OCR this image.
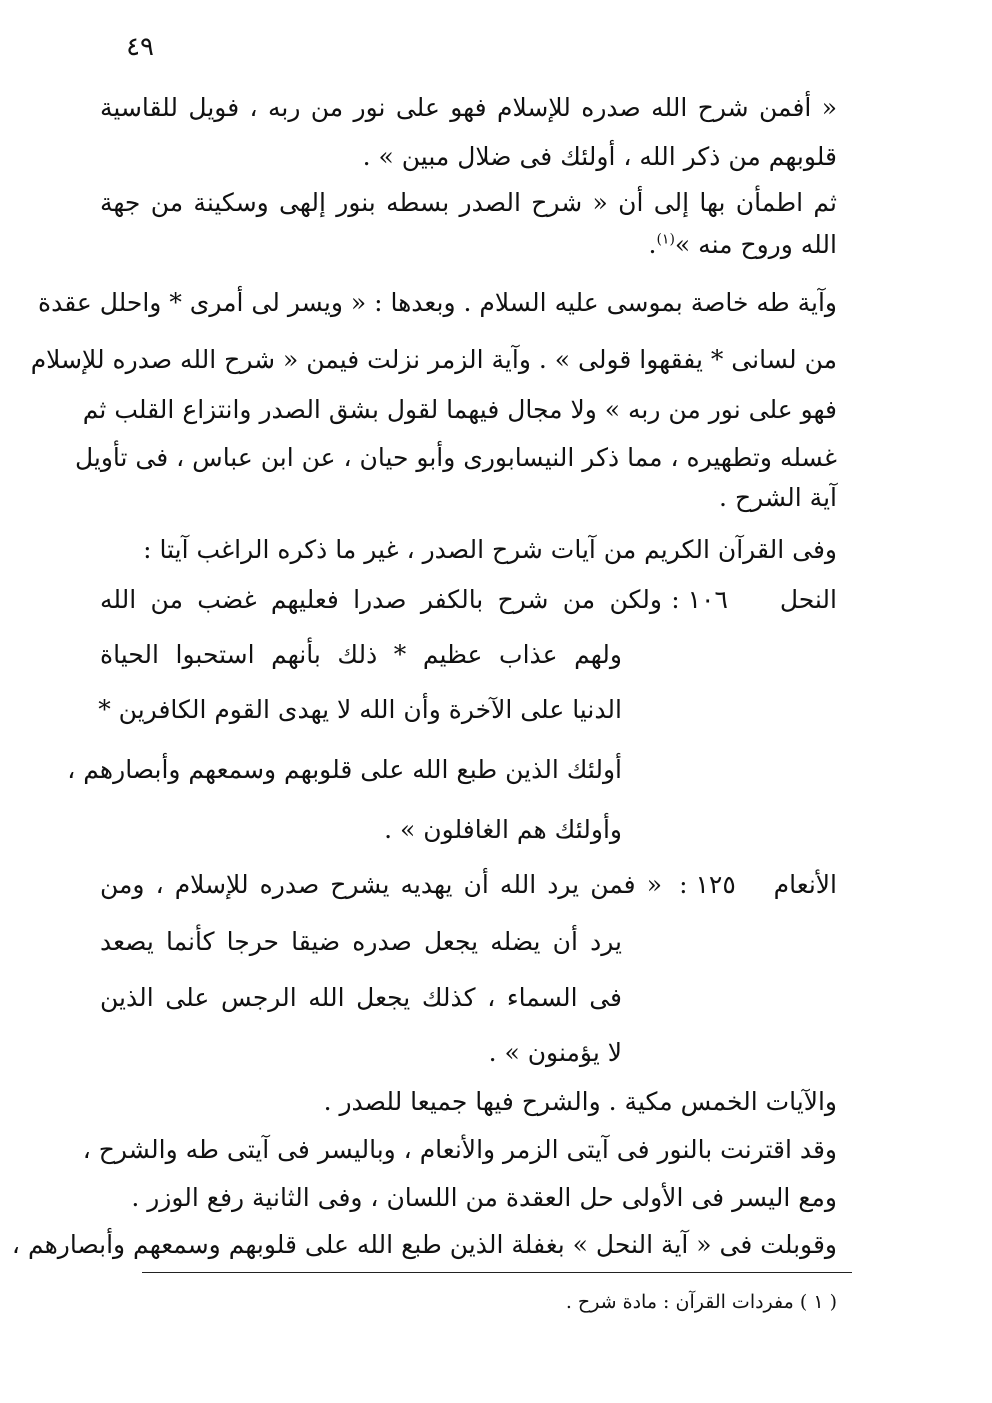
٤٩
« أفمن شرح الله صدره للإسلام فهو على نور من ربه ، فويل للقاسية
قلوبهم من ذكر الله ، أولئك فى ضلال مبين » .
ثم اطمأن بها إلى أن « شرح الصدر بسطه بنور إلهى وسكينة من جهة
الله وروح منه »$^{(١)}$.
وآية طه خاصة بموسى عليه السلام . وبعدها : « ويسر لى أمرى * واحلل عقدة
من لسانى * يفقهوا قولى » . وآية الزمر نزلت فيمن « شرح الله صدره للإسلام
فهو على نور من ربه » ولا مجال فيهما لقول بشق الصدر وانتزاع القلب ثم
غسله وتطهيره ، مما ذكر النيسابورى وأبو حيان ، عن ابن عباس ، فى تأويل
آية الشرح .
وفى القرآن الكريم من آيات شرح الصدر ، غير ما ذكره الراغب آيتا :
النحل  ١٠٦ :
ولكن من شرح بالكفر صدرا فعليهم غضب من الله
ولهم عذاب عظيم * ذلك بأنهم استحبوا الحياة
الدنيا على الآخرة وأن الله لا يهدى القوم الكافرين *
أولئك الذين طبع الله على قلوبهم وسمعهم وأبصارهم ،
وأولئك هم الغافلون » .
الأنعام  ١٢٥ :
« فمن يرد الله أن يهديه يشرح صدره للإسلام ، ومن
يرد أن يضله يجعل صدره ضيقا حرجا كأنما يصعد
فى السماء ، كذلك يجعل الله الرجس على الذين
لا يؤمنون » .
والآيات الخمس مكية . والشرح فيها جميعا للصدر .
وقد اقترنت بالنور فى آيتى الزمر والأنعام ، وباليسر فى آيتى طه والشرح ،
ومع اليسر فى الأولى حل العقدة من اللسان ، وفى الثانية رفع الوزر .
وقوبلت فى « آية النحل » بغفلة الذين طبع الله على قلوبهم وسمعهم وأبصارهم ،
( ١ ) مفردات القرآن : مادة شرح .
